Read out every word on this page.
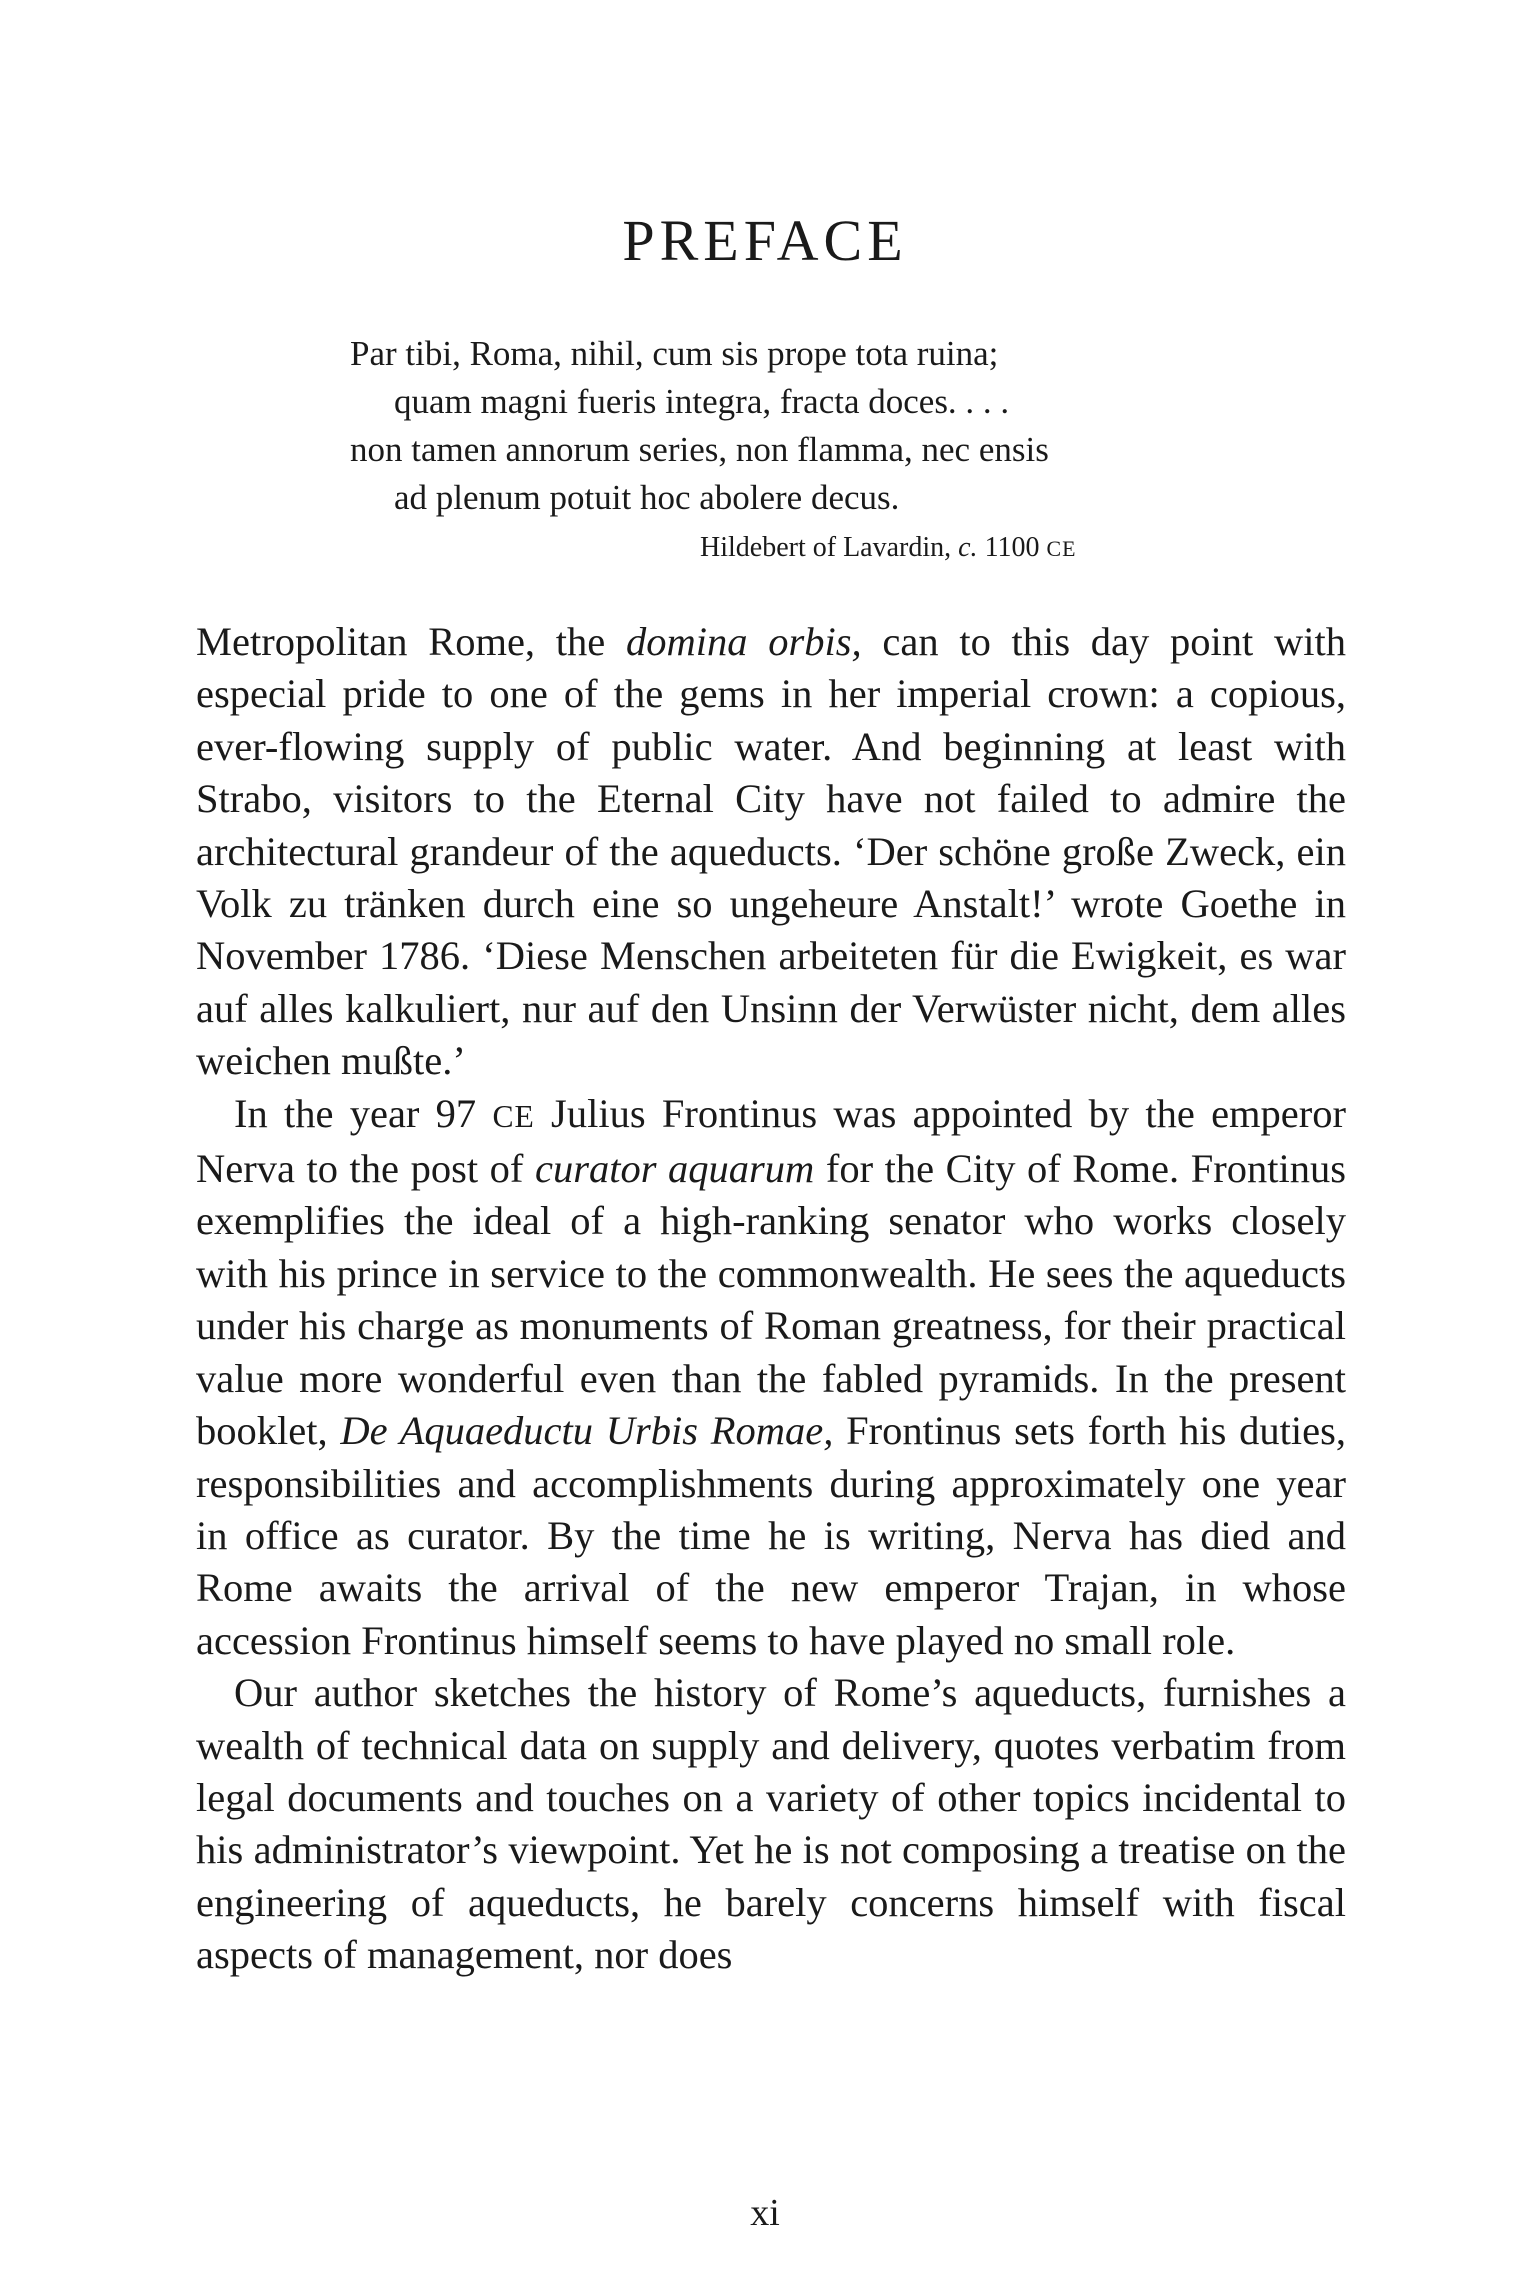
PREFACE
Par tibi, Roma, nihil, cum sis prope tota ruina;
quam magni fueris integra, fracta doces. . . .
non tamen annorum series, non flamma, nec ensis
ad plenum potuit hoc abolere decus.
Hildebert of Lavardin, c. 1100 CE

Metropolitan Rome, the domina orbis, can to this day point with especial pride to one of the gems in her imperial crown: a copious, ever-flowing supply of public water. And beginning at least with Strabo, visitors to the Eternal City have not failed to admire the architectural grandeur of the aqueducts. ‘Der schöne große Zweck, ein Volk zu tränken durch eine so ungeheure Anstalt!’ wrote Goethe in November 1786. ‘Diese Menschen arbeiteten für die Ewigkeit, es war auf alles kalkuliert, nur auf den Unsinn der Verwüster nicht, dem alles weichen mußte.’

In the year 97 CE Julius Frontinus was appointed by the emperor Nerva to the post of curator aquarum for the City of Rome. Frontinus exemplifies the ideal of a high-ranking senator who works closely with his prince in service to the commonwealth. He sees the aqueducts under his charge as monuments of Roman greatness, for their practical value more wonderful even than the fabled pyramids. In the present booklet, De Aquaeductu Urbis Romae, Frontinus sets forth his duties, responsibilities and accomplishments during approximately one year in office as curator. By the time he is writing, Nerva has died and Rome awaits the arrival of the new emperor Trajan, in whose accession Frontinus himself seems to have played no small role.

Our author sketches the history of Rome’s aqueducts, furnishes a wealth of technical data on supply and delivery, quotes verbatim from legal documents and touches on a variety of other topics incidental to his administrator’s viewpoint. Yet he is not composing a treatise on the engineering of aqueducts, he barely concerns himself with fiscal aspects of management, nor does

xi
